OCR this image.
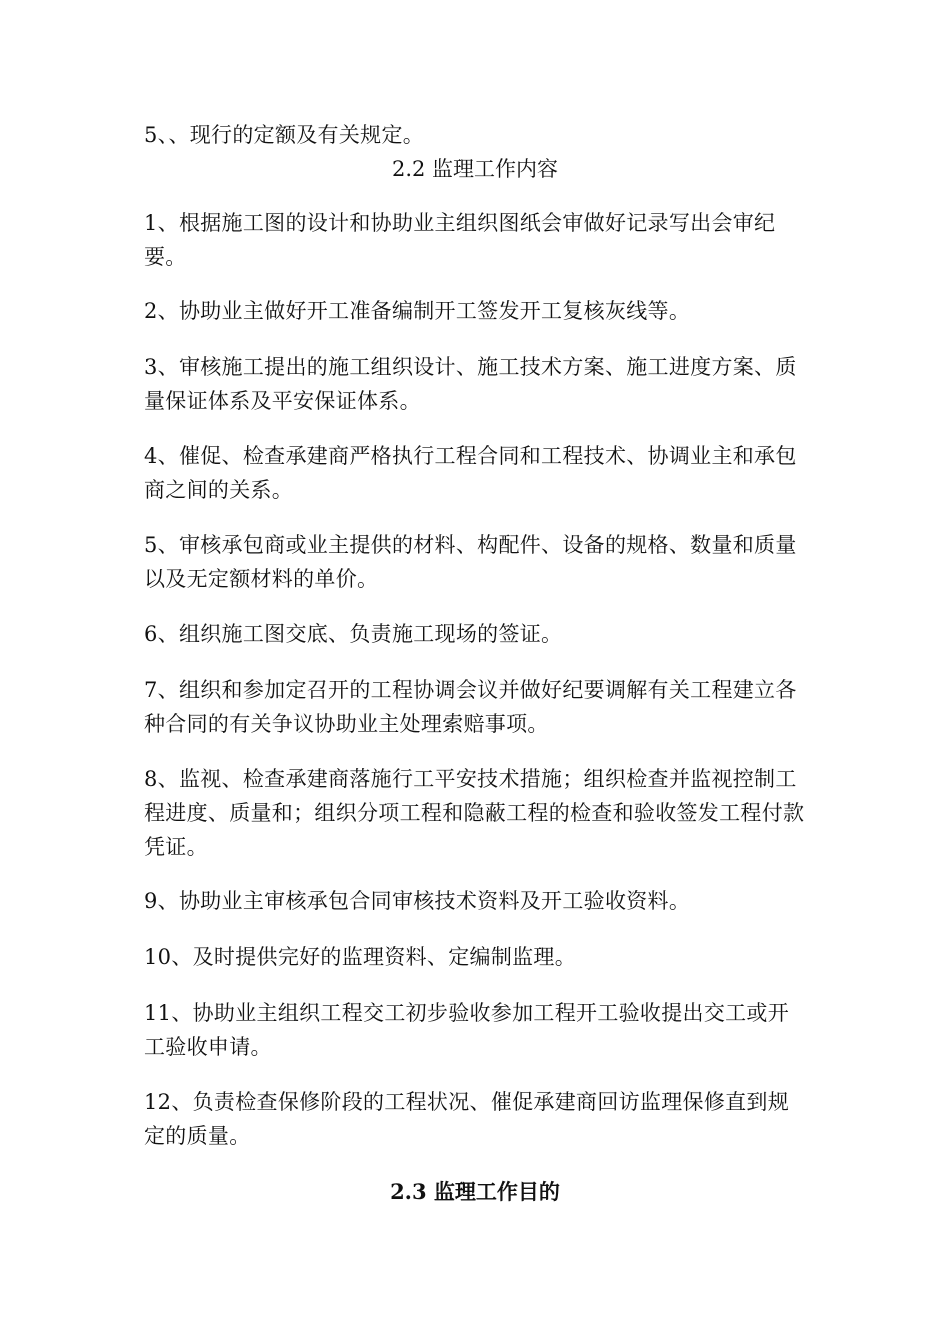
5、、现行的定额及有关规定。
2.2 监理工作内容
1、根据施工图的设计和协助业主组织图纸会审做好记录写出会审纪要。
2、协助业主做好开工准备编制开工签发开工复核灰线等。
3、审核施工提出的施工组织设计、施工技术方案、施工进度方案、质量保证体系及平安保证体系。
4、催促、检查承建商严格执行工程合同和工程技术、协调业主和承包商之间的关系。
5、审核承包商或业主提供的材料、构配件、设备的规格、数量和质量以及无定额材料的单价。
6、组织施工图交底、负责施工现场的签证。
7、组织和参加定召开的工程协调会议并做好纪要调解有关工程建立各种合同的有关争议协助业主处理索赔事项。
8、监视、检查承建商落施行工平安技术措施；组织检查并监视控制工程进度、质量和；组织分项工程和隐蔽工程的检查和验收签发工程付款凭证。
9、协助业主审核承包合同审核技术资料及开工验收资料。
10、及时提供完好的监理资料、定编制监理。
11、协助业主组织工程交工初步验收参加工程开工验收提出交工或开工验收申请。
12、负责检查保修阶段的工程状况、催促承建商回访监理保修直到规定的质量。
2.3 监理工作目的
